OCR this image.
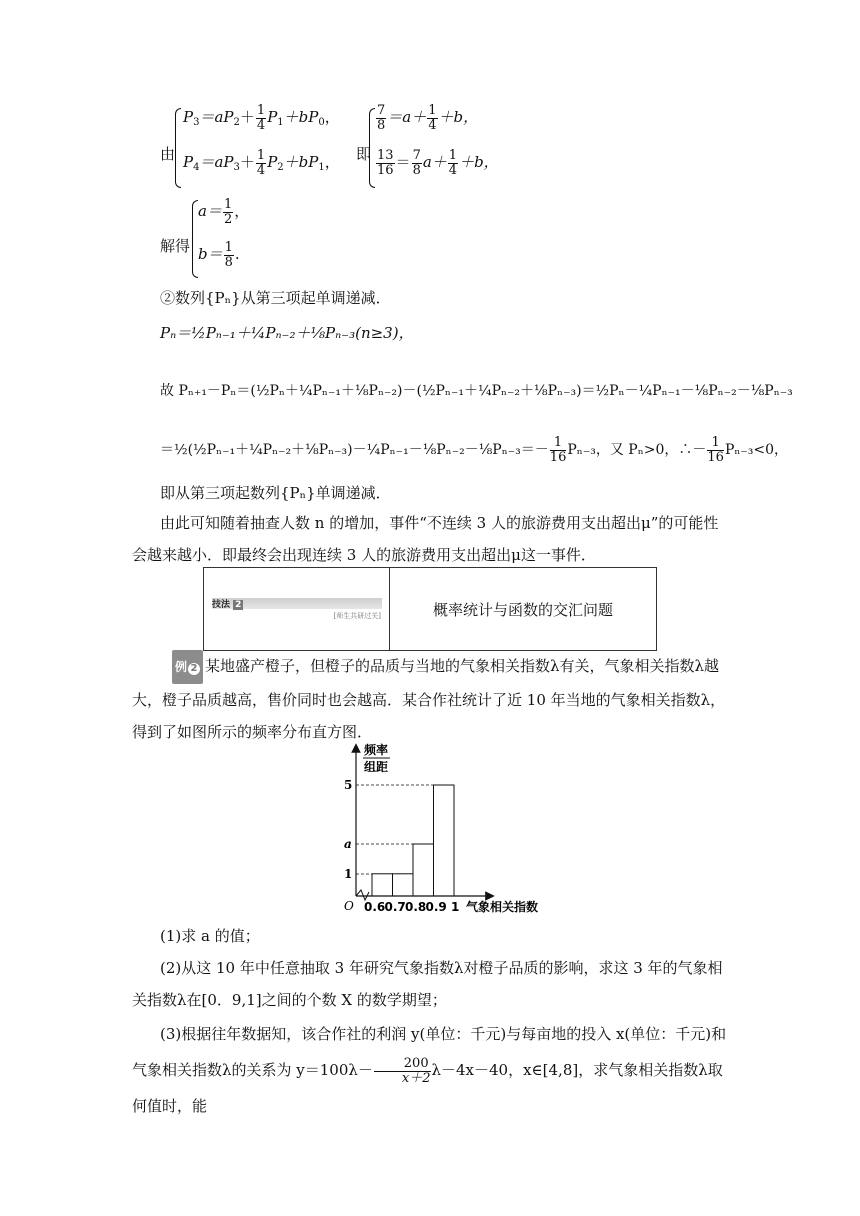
由
$P_3=aP_2+ \frac{1}{4} P_1+bP_0$，
$P_4=aP_3+ \frac{1}{4} P_2+bP_1$， 即
$\frac{7}{8} =a+ \frac{1}{4} +b$，
$\frac{13}{16} = \frac{7}{8} a+ \frac{1}{4} +b$，
解得
$a= \frac{1}{2}$ ，
$b= \frac{1}{8}$ .
②数列{Pₙ}从第三项起单调递减．
Pₙ＝½Pₙ₋₁＋¼Pₙ₋₂＋⅛Pₙ₋₃(n≥3)，
故 Pₙ₊₁－Pₙ＝(½Pₙ＋¼Pₙ₋₁＋⅛Pₙ₋₂)－(½Pₙ₋₁＋¼Pₙ₋₂＋⅛Pₙ₋₃)＝½Pₙ－¼Pₙ₋₁－⅛Pₙ₋₂－⅛Pₙ₋₃
＝½(½Pₙ₋₁＋¼Pₙ₋₂＋⅛Pₙ₋₃)－¼Pₙ₋₁－⅛Pₙ₋₂－⅛Pₙ₋₃＝－ $\frac{1}{16} P_{n-3}$，又 Pₙ>0，∴－ $\frac{1}{16} P_{n-3}<0$，
即从第三项起数列{Pₙ}单调递减．
由此可知随着抽查人数 n 的增加，事件“不连续 3 人的旅游费用支出超出μ”的可能性会越来越小．即最终会出现连续 3 人的旅游费用支出超出μ这一事件．
技法 2
[师生共研过关]	概率统计与函数的交汇问题
例 2 某地盛产橙子，但橙子的品质与当地的气象相关指数λ有关，气象相关指数λ越大，橙子品质越高，售价同时也会越高．某合作社统计了近 10 年当地的气象相关指数λ，得到了如图所示的频率分布直方图．
频率
组距
O	气象相关指数
0.6 0.7 0.8 0.9 1
1
a
5
(1)求 a 的值；
(2)从这 10 年中任意抽取 3 年研究气象指数λ对橙子品质的影响，求这 3 年的气象相关指数λ在[0．9,1]之间的个数 X 的数学期望；
(3)根据往年数据知，该合作社的利润 y(单位：千元)与每亩地的投入 x(单位：千元)和气象相关指数λ的关系为 $y=100\lambda- \frac{200}{x+2} \lambda-4x-40$，x∈[4,8]，求气象相关指数λ取何值时，能
